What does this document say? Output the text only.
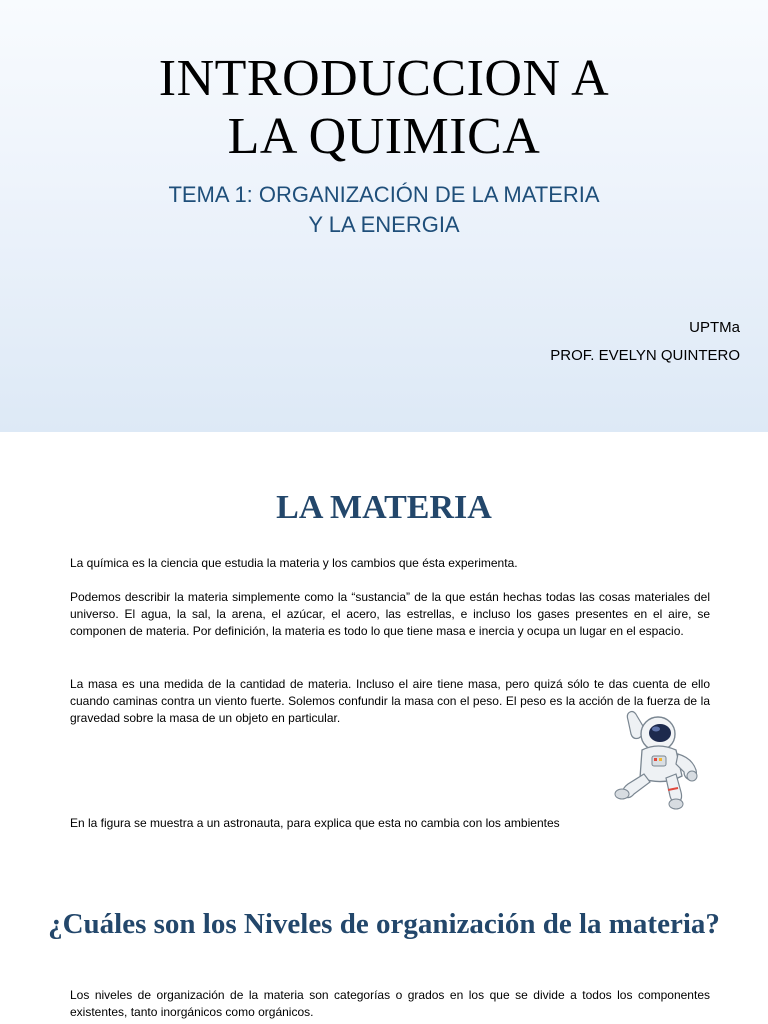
INTRODUCCION A
LA QUIMICA
TEMA 1: ORGANIZACIÓN DE LA MATERIA
Y LA ENERGIA
UPTMa
PROF. EVELYN QUINTERO
LA MATERIA

La química es la ciencia que estudia la materia y los cambios que ésta experimenta.

Podemos describir la materia simplemente como la “sustancia” de la que están hechas todas las cosas materiales del universo. El agua, la sal, la arena, el azúcar, el acero, las estrellas, e incluso los gases presentes en el aire, se componen de materia. Por definición, la materia es todo lo que tiene masa e inercia y ocupa un lugar en el espacio.

La masa es una medida de la cantidad de materia. Incluso el aire tiene masa, pero quizá sólo te das cuenta de ello cuando caminas contra un viento fuerte. Solemos confundir la masa con el peso. El peso es la acción de la fuerza de la gravedad sobre la masa de un objeto en particular.

En la figura se muestra a un astronauta, para explica que esta no cambia con los ambientes

¿Cuáles son los Niveles de organización de la materia?

Los niveles de organización de la materia son categorías o grados en los que se divide a todos los componentes existentes, tanto inorgánicos como orgánicos.
